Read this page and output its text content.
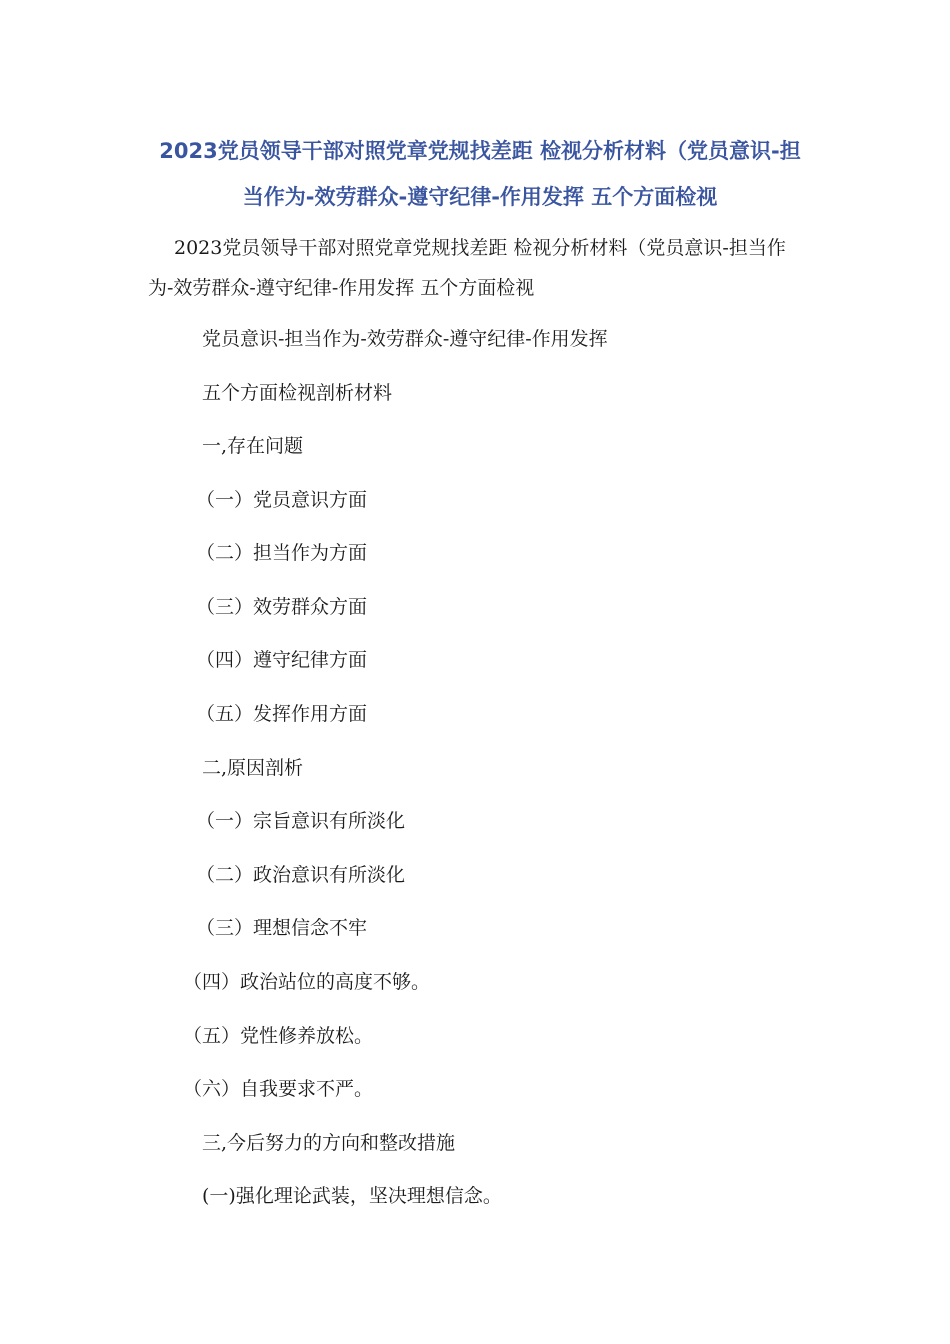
2023党员领导干部对照党章党规找差距 检视分析材料（党员意识-担当作为-效劳群众-遵守纪律-作用发挥 五个方面检视

2023党员领导干部对照党章党规找差距 检视分析材料（党员意识-担当作为-效劳群众-遵守纪律-作用发挥 五个方面检视

党员意识-担当作为-效劳群众-遵守纪律-作用发挥

五个方面检视剖析材料

一,存在问题

（一）党员意识方面

（二）担当作为方面

（三）效劳群众方面

（四）遵守纪律方面

（五）发挥作用方面

二,原因剖析

（一）宗旨意识有所淡化

（二）政治意识有所淡化

（三）理想信念不牢

（四）政治站位的高度不够。

（五）党性修养放松。

（六）自我要求不严。

三,今后努力的方向和整改措施

(一)强化理论武装，坚决理想信念。
